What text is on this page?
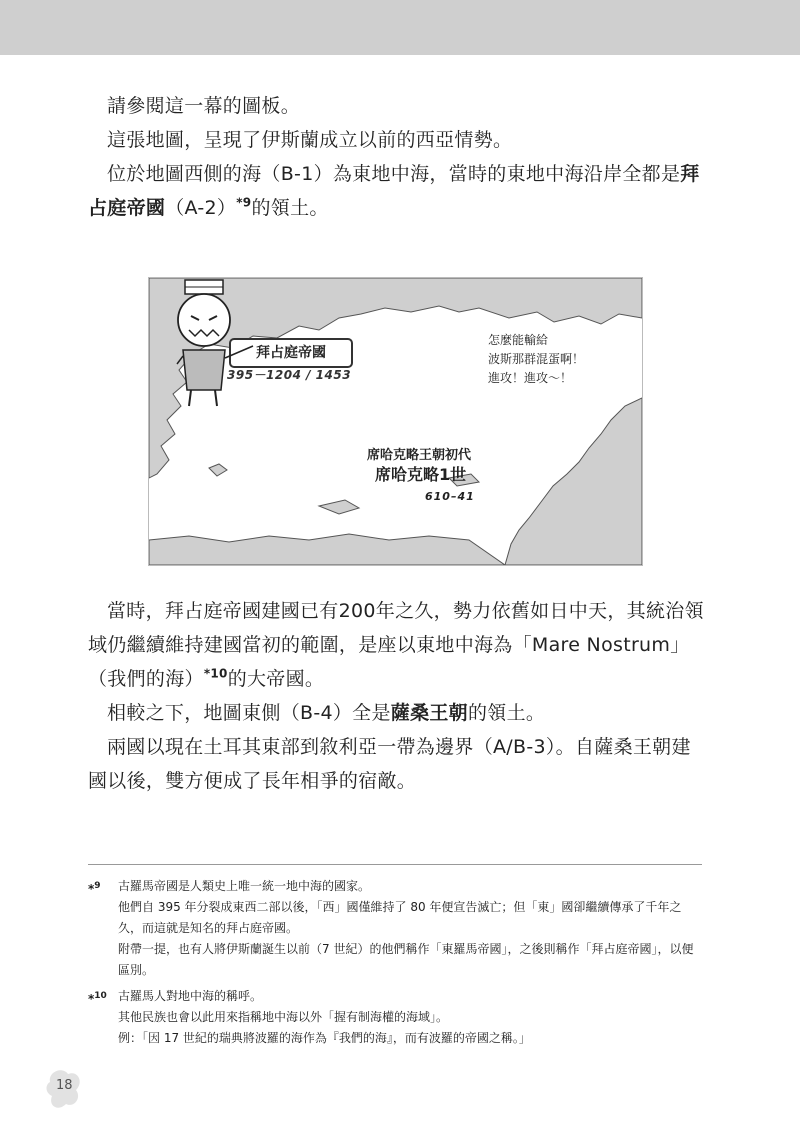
請參閱這一幕的圖板。

這張地圖，呈現了伊斯蘭成立以前的西亞情勢。

位於地圖西側的海（B-1）為東地中海，當時的東地中海沿岸全都是拜占庭帝國（A-2）$^{*9}$的領土。

拜占庭帝國
395－1204 / 1453
怎麼能輸給
波斯那群混蛋啊！
進攻！進攻～！
席哈克略王朝初代
席哈克略1世
610–41

當時，拜占庭帝國建國已有200年之久，勢力依舊如日中天，其統治領域仍繼續維持建國當初的範圍，是座以東地中海為「Mare Nostrum」（我們的海）$^{*10}$的大帝國。

相較之下，地圖東側（B-4）全是薩桑王朝的領土。

兩國以現在土耳其東部到敘利亞一帶為邊界（A/B-3）。自薩桑王朝建國以後，雙方便成了長年相爭的宿敵。

*$^9$ 古羅馬帝國是人類史上唯一統一地中海的國家。
他們自 395 年分裂成東西二部以後，「西」國僅維持了 80 年便宣告滅亡；但「東」國卻繼續傳承了千年之久，而這就是知名的拜占庭帝國。
附帶一提，也有人將伊斯蘭誕生以前（7 世紀）的他們稱作「東羅馬帝國」，之後則稱作「拜占庭帝國」，以便區別。
*$^{10}$ 古羅馬人對地中海的稱呼。
其他民族也會以此用來指稱地中海以外「握有制海權的海域」。
例：「因 17 世紀的瑞典將波羅的海作為『我們的海』，而有波羅的帝國之稱。」
18
